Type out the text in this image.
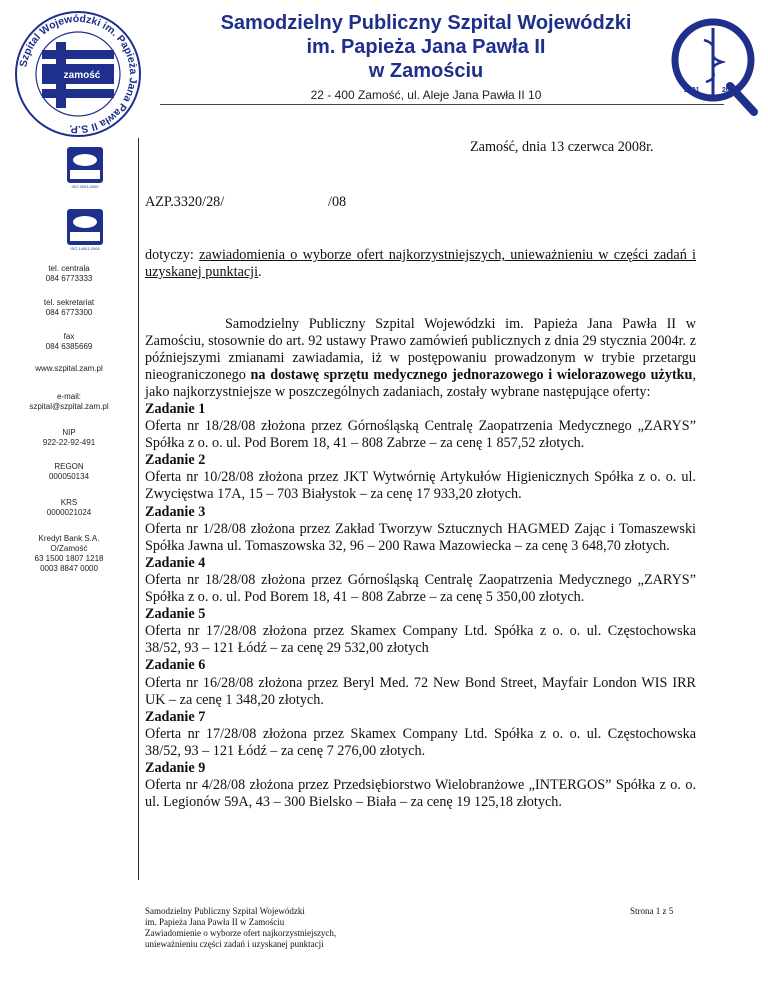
Szpital Wojewódzki im. Papieża Jana Pawła II S.P.
zamość
2001	2010
Samodzielny Publiczny Szpital Wojewódzki
im. Papieża Jana Pawła II
w Zamościu
22 - 400 Zamość, ul. Aleje Jana Pawła II 10
ISO 9001:2000
ISO 14001:2004
tel. centrala
084 6773333
tel. sekretariat
084 6773300
fax
084 6385669
www.szpital.zam.pl
e-mail:
szpital@szpital.zam.pl
NIP
922-22-92-491
REGON
000050134
KRS
0000021024
Kredyt Bank S.A.
O/Zamość
63 1500 1807 1218
0003 8847 0000
Zamość, dnia 13 czerwca 2008r.
AZP.3320/28/	/08
dotyczy: zawiadomienia o wyborze ofert najkorzystniejszych, unieważnieniu w części zadań i uzyskanej punktacji.
Samodzielny Publiczny Szpital Wojewódzki im. Papieża Jana Pawła II w Zamościu, stosownie do art. 92 ustawy Prawo zamówień publicznych z dnia 29 stycznia 2004r. z późniejszymi zmianami zawiadamia, iż w postępowaniu prowadzonym w trybie przetargu nieograniczonego na dostawę sprzętu medycznego jednorazowego i wielorazowego użytku, jako najkorzystniejsze w poszczególnych zadaniach, zostały wybrane następujące oferty:
Zadanie 1
Oferta nr 18/28/08 złożona przez Górnośląską Centralę Zaopatrzenia Medycznego „ZARYS” Spółka z o. o. ul. Pod Borem 18, 41 – 808 Zabrze – za cenę 1 857,52 złotych.
Zadanie 2
Oferta nr 10/28/08 złożona przez JKT Wytwórnię Artykułów Higienicznych Spółka z o. o. ul. Zwycięstwa 17A, 15 – 703 Białystok – za cenę 17 933,20 złotych.
Zadanie 3
Oferta nr 1/28/08 złożona przez Zakład Tworzyw Sztucznych HAGMED Zając i Tomaszewski Spółka Jawna ul. Tomaszowska 32, 96 – 200 Rawa Mazowiecka – za cenę 3 648,70 złotych.
Zadanie 4
Oferta nr 18/28/08 złożona przez Górnośląską Centralę Zaopatrzenia Medycznego „ZARYS” Spółka z o. o. ul. Pod Borem 18, 41 – 808 Zabrze – za cenę 5 350,00 złotych.
Zadanie 5
Oferta nr 17/28/08 złożona przez Skamex Company Ltd. Spółka z o. o. ul. Częstochowska 38/52, 93 – 121 Łódź – za cenę 29 532,00 złotych
Zadanie 6
Oferta nr 16/28/08 złożona przez Beryl Med. 72 New Bond Street, Mayfair London WIS IRR UK – za cenę 1 348,20 złotych.
Zadanie 7
Oferta nr 17/28/08 złożona przez Skamex Company Ltd. Spółka z o. o. ul. Częstochowska 38/52, 93 – 121 Łódź – za cenę 7 276,00 złotych.
Zadanie 9
Oferta nr 4/28/08 złożona przez Przedsiębiorstwo Wielobranżowe „INTERGOS” Spółka z o. o. ul. Legionów 59A, 43 – 300 Bielsko – Biała – za cenę 19 125,18 złotych.
Samodzielny Publiczny Szpital Wojewódzki
im. Papieża Jana Pawła II w Zamościu
Zawiadomienie o wyborze ofert najkorzystniejszych,
unieważnieniu części zadań i uzyskanej punktacji
Strona 1 z 5
